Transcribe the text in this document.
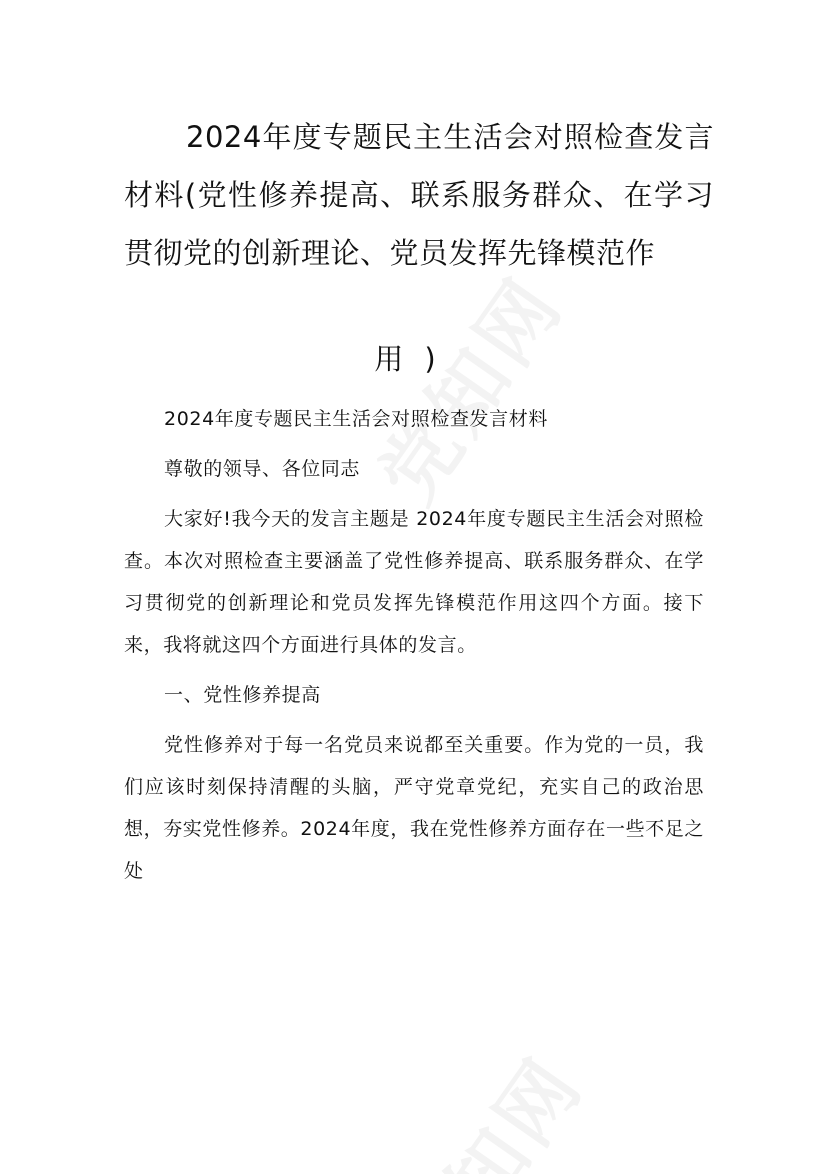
2024年度专题民主生活会对照检查发言材料(党性修养提高、联系服务群众、在学习贯彻党的创新理论、党员发挥先锋模范作
用 )

2024年度专题民主生活会对照检查发言材料

尊敬的领导、各位同志

大家好!我今天的发言主题是 2024年度专题民主生活会对照检查。本次对照检查主要涵盖了党性修养提高、联系服务群众、在学习贯彻党的创新理论和党员发挥先锋模范作用这四个方面。接下来，我将就这四个方面进行具体的发言。

一、党性修养提高

党性修养对于每一名党员来说都至关重要。作为党的一员，我们应该时刻保持清醒的头脑，严守党章党纪，充实自己的政治思想，夯实党性修养。2024年度，我在党性修养方面存在一些不足之处
